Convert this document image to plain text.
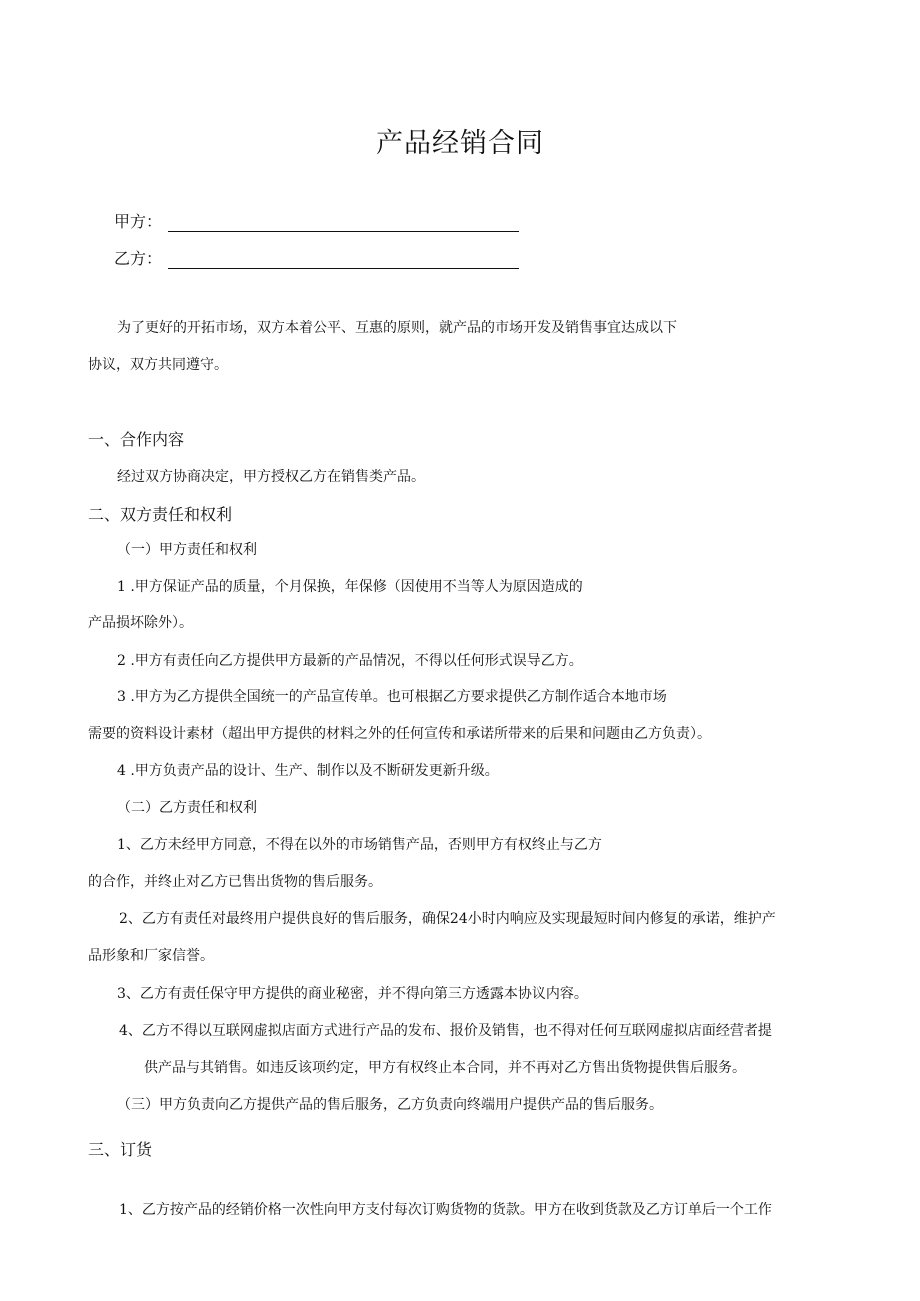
产品经销合同
甲方：
乙方：
为了更好的开拓市场，双方本着公平、互惠的原则，就产品的市场开发及销售事宜达成以下
协议，双方共同遵守。
一、合作内容
经过双方协商决定，甲方授权乙方在销售类产品。
二、双方责任和权利
（一）甲方责任和权利
1 .甲方保证产品的质量，个月保换，年保修（因使用不当等人为原因造成的
产品损坏除外）。
2 .甲方有责任向乙方提供甲方最新的产品情况，不得以任何形式误导乙方。
3 .甲方为乙方提供全国统一的产品宣传单。也可根据乙方要求提供乙方制作适合本地市场
需要的资料设计素材（超出甲方提供的材料之外的任何宣传和承诺所带来的后果和问题由乙方负责）。
4 .甲方负责产品的设计、生产、制作以及不断研发更新升级。
（二）乙方责任和权利
1、乙方未经甲方同意，不得在以外的市场销售产品，否则甲方有权终止与乙方
的合作，并终止对乙方已售出货物的售后服务。
2、乙方有责任对最终用户提供良好的售后服务，确保24小时内响应及实现最短时间内修复的承诺，维护产
品形象和厂家信誉。
3、乙方有责任保守甲方提供的商业秘密，并不得向第三方透露本协议内容。
4、乙方不得以互联网虚拟店面方式进行产品的发布、报价及销售，也不得对任何互联网虚拟店面经营者提
供产品与其销售。如违反该项约定，甲方有权终止本合同，并不再对乙方售出货物提供售后服务。
（三）甲方负责向乙方提供产品的售后服务，乙方负责向终端用户提供产品的售后服务。
三、订货
1、乙方按产品的经销价格一次性向甲方支付每次订购货物的货款。甲方在收到货款及乙方订单后一个工作
